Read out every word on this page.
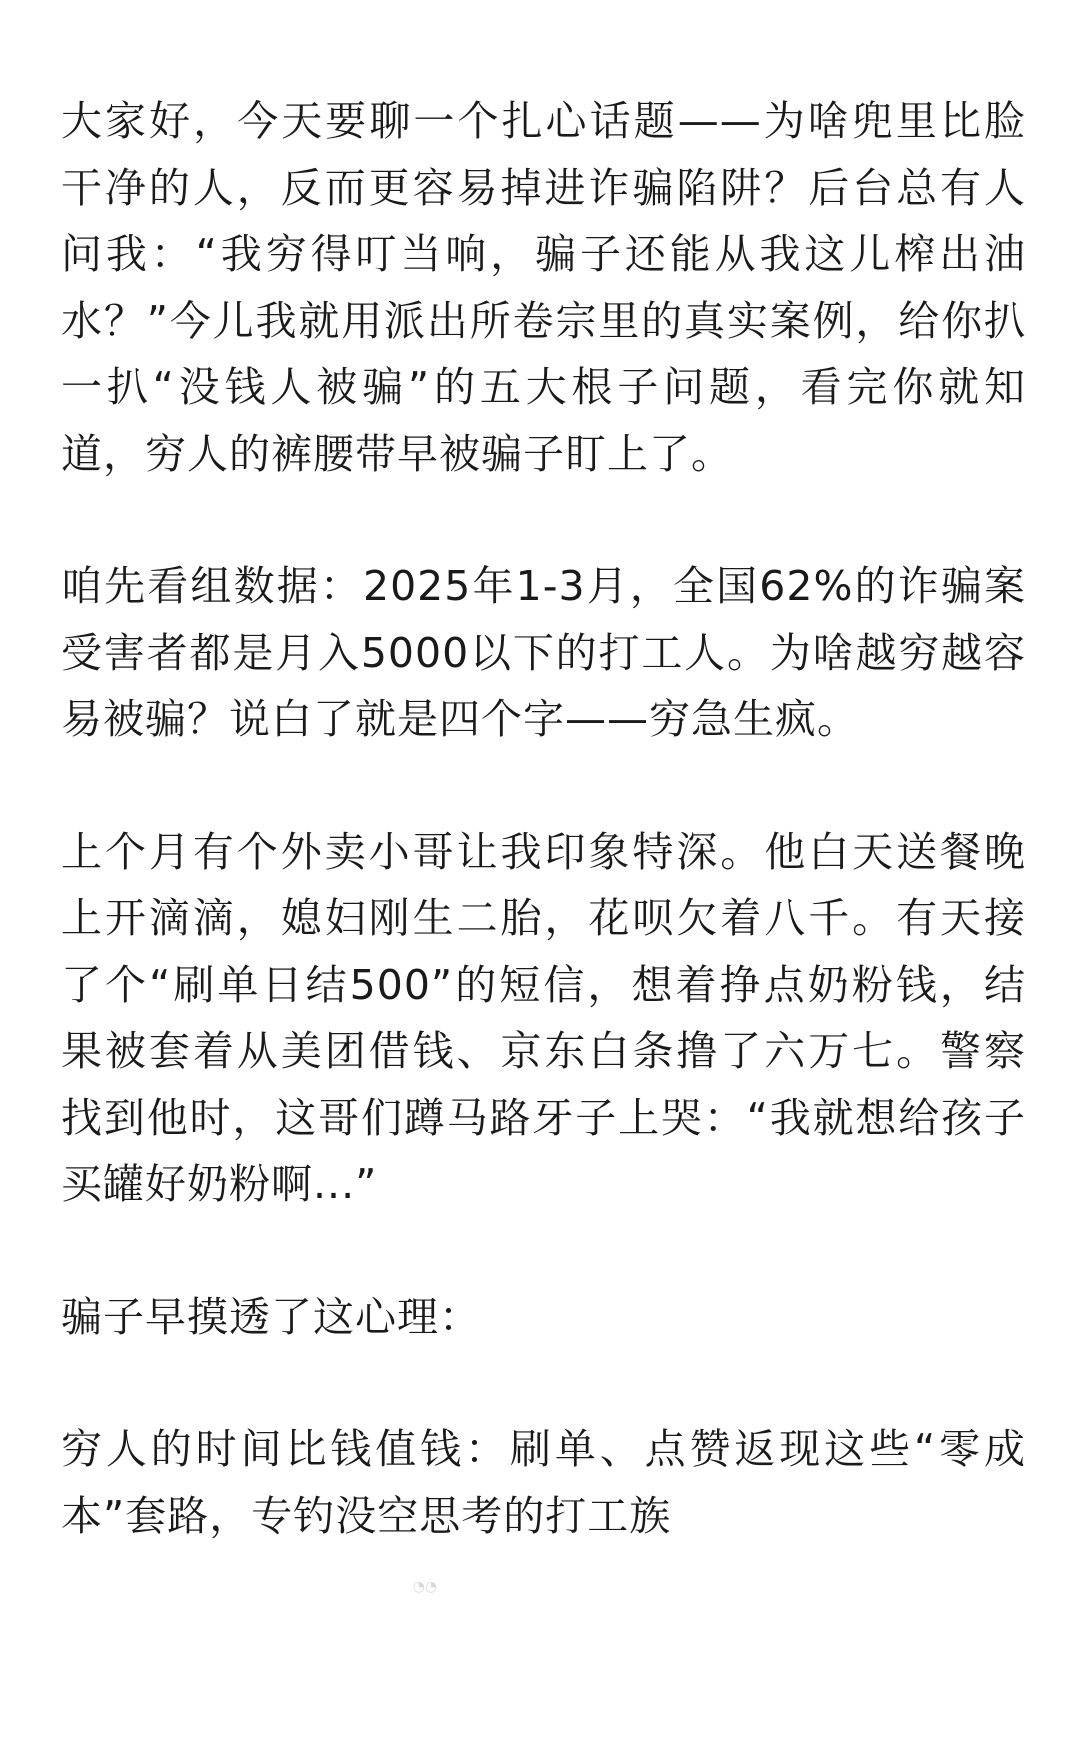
大家好，今天要聊一个扎心话题——为啥兜里比脸干净的人，反而更容易掉进诈骗陷阱？后台总有人问我：“我穷得叮当响，骗子还能从我这儿榨出油水？”今儿我就用派出所卷宗里的真实案例，给你扒一扒“没钱人被骗”的五大根子问题，看完你就知道，穷人的裤腰带早被骗子盯上了。

咱先看组数据：2025年1-3月，全国62%的诈骗案受害者都是月入5000以下的打工人。为啥越穷越容易被骗？说白了就是四个字——穷急生疯。

上个月有个外卖小哥让我印象特深。他白天送餐晚上开滴滴，媳妇刚生二胎，花呗欠着八千。有天接了个“刷单日结500”的短信，想着挣点奶粉钱，结果被套着从美团借钱、京东白条撸了六万七。警察找到他时，这哥们蹲马路牙子上哭：“我就想给孩子买罐好奶粉啊...”

骗子早摸透了这心理：

穷人的时间比钱值钱：刷单、点赞返现这些“零成本”套路，专钓没空思考的打工族

◔◔
